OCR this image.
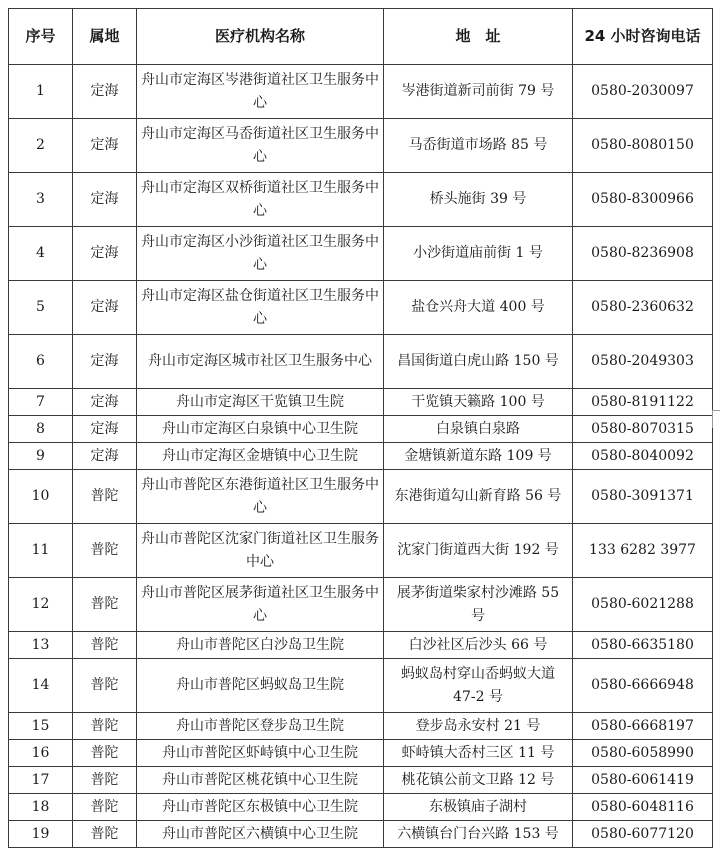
序号	属地	医疗机构名称	地　址	24 小时咨询电话
1	定海	舟山市定海区岑港街道社区卫生服务中心	岑港街道新司前街 79 号	0580-2030097
2	定海	舟山市定海区马岙街道社区卫生服务中心	马岙街道市场路 85 号	0580-8080150
3	定海	舟山市定海区双桥街道社区卫生服务中心	桥头施街 39 号	0580-8300966
4	定海	舟山市定海区小沙街道社区卫生服务中心	小沙街道庙前街 1 号	0580-8236908
5	定海	舟山市定海区盐仓街道社区卫生服务中心	盐仓兴舟大道 400 号	0580-2360632
6	定海	舟山市定海区城市社区卫生服务中心	昌国街道白虎山路 150 号	0580-2049303
7	定海	舟山市定海区干览镇卫生院	干览镇天籁路 100 号	0580-8191122
8	定海	舟山市定海区白泉镇中心卫生院	白泉镇白泉路	0580-8070315
9	定海	舟山市定海区金塘镇中心卫生院	金塘镇新道东路 109 号	0580-8040092
10	普陀	舟山市普陀区东港街道社区卫生服务中心	东港街道勾山新育路 56 号	0580-3091371
11	普陀	舟山市普陀区沈家门街道社区卫生服务中心	沈家门街道西大街 192 号	133 6282 3977
12	普陀	舟山市普陀区展茅街道社区卫生服务中心	展茅街道柴家村沙滩路 55 号	0580-6021288
13	普陀	舟山市普陀区白沙岛卫生院	白沙社区后沙头 66 号	0580-6635180
14	普陀	舟山市普陀区蚂蚁岛卫生院	蚂蚁岛村穿山岙蚂蚁大道 47-2 号	0580-6666948
15	普陀	舟山市普陀区登步岛卫生院	登步岛永安村 21 号	0580-6668197
16	普陀	舟山市普陀区虾峙镇中心卫生院	虾峙镇大岙村三区 11 号	0580-6058990
17	普陀	舟山市普陀区桃花镇中心卫生院	桃花镇公前文卫路 12 号	0580-6061419
18	普陀	舟山市普陀区东极镇中心卫生院	东极镇庙子湖村	0580-6048116
19	普陀	舟山市普陀区六横镇中心卫生院	六横镇台门台兴路 153 号	0580-6077120
